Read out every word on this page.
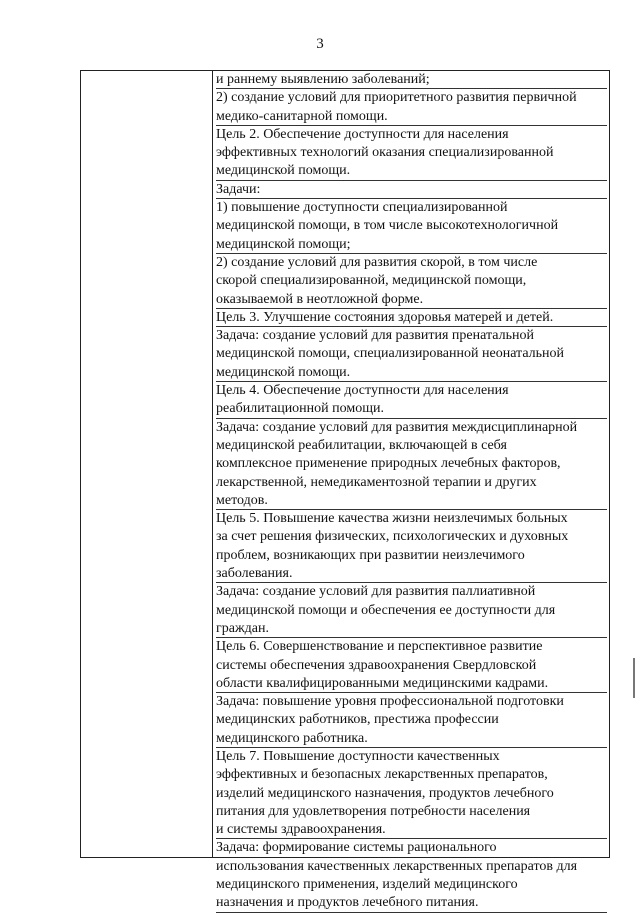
3
и раннему выявлению заболеваний;
2) создание условий для приоритетного развития первичной
медико-санитарной помощи.
Цель 2. Обеспечение доступности для населения
эффективных технологий оказания специализированной
медицинской помощи.
Задачи:
1) повышение доступности специализированной
медицинской помощи, в том числе высокотехнологичной
медицинской помощи;
2) создание условий для развития скорой, в том числе
скорой специализированной, медицинской помощи,
оказываемой в неотложной форме.
Цель 3. Улучшение состояния здоровья матерей и детей.
Задача: создание условий для развития пренатальной
медицинской помощи, специализированной неонатальной
медицинской помощи.
Цель 4. Обеспечение доступности для населения
реабилитационной помощи.
Задача: создание условий для развития междисциплинарной
медицинской реабилитации, включающей в себя
комплексное применение природных лечебных факторов,
лекарственной, немедикаментозной терапии и других
методов.
Цель 5. Повышение качества жизни неизлечимых больных
за счет решения физических, психологических и духовных
проблем, возникающих при развитии неизлечимого
заболевания.
Задача: создание условий для развития паллиативной
медицинской помощи и обеспечения ее доступности для
граждан.
Цель 6. Совершенствование и перспективное развитие
системы обеспечения здравоохранения Свердловской
области квалифицированными медицинскими кадрами.
Задача: повышение уровня профессиональной подготовки
медицинских работников, престижа профессии
медицинского работника.
Цель 7. Повышение доступности качественных
эффективных и безопасных лекарственных препаратов,
изделий медицинского назначения, продуктов лечебного
питания для удовлетворения потребности населения
и системы здравоохранения.
Задача: формирование системы рационального
использования качественных лекарственных препаратов для
медицинского применения, изделий медицинского
назначения и продуктов лечебного питания.
